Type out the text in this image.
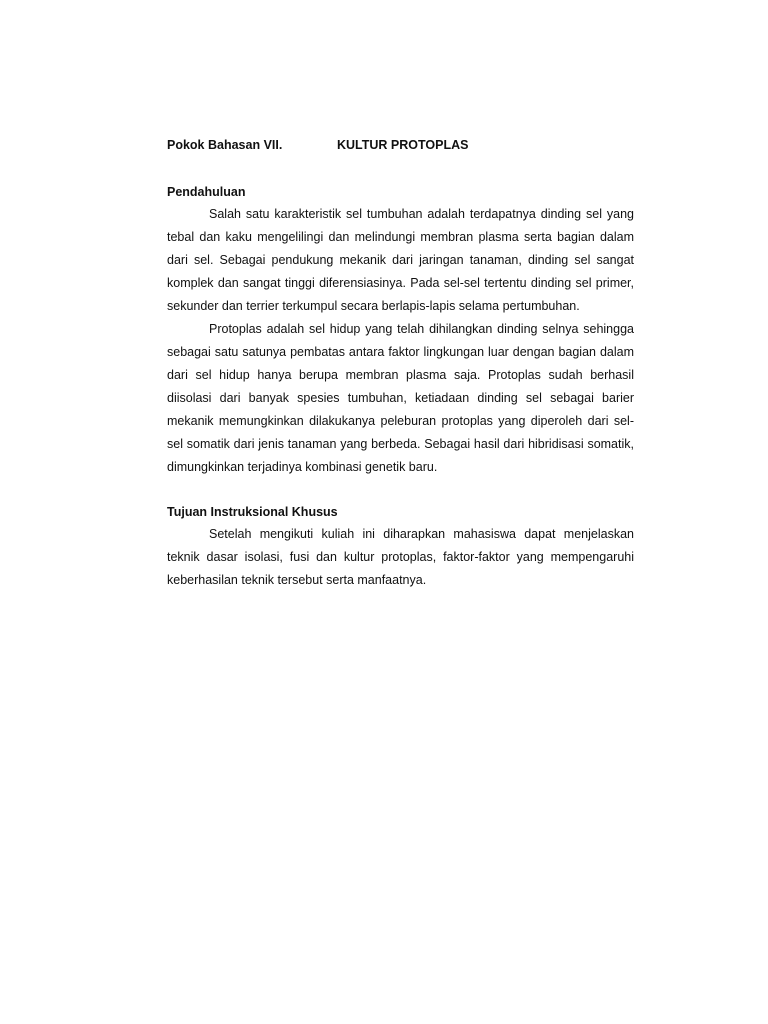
Pokok Bahasan VII.	KULTUR PROTOPLAS
Pendahuluan

Salah satu karakteristik sel tumbuhan adalah terdapatnya dinding sel yang tebal dan kaku mengelilingi dan melindungi membran plasma serta bagian dalam dari sel. Sebagai pendukung mekanik dari jaringan tanaman, dinding sel sangat komplek dan sangat tinggi diferensiasinya. Pada sel-sel tertentu dinding sel primer, sekunder dan terrier terkumpul secara berlapis-lapis selama pertumbuhan.

Protoplas adalah sel hidup yang telah dihilangkan dinding selnya sehingga sebagai satu satunya pembatas antara faktor lingkungan luar dengan bagian dalam dari sel hidup hanya berupa membran plasma saja. Protoplas sudah berhasil diisolasi dari banyak spesies tumbuhan, ketiadaan dinding sel sebagai barier mekanik memungkinkan dilakukanya peleburan protoplas yang diperoleh dari sel-sel somatik dari jenis tanaman yang berbeda. Sebagai hasil dari hibridisasi somatik, dimungkinkan terjadinya kombinasi genetik baru.

Tujuan Instruksional Khusus

Setelah mengikuti kuliah ini diharapkan mahasiswa dapat menjelaskan teknik dasar isolasi, fusi dan kultur protoplas, faktor-faktor yang mempengaruhi keberhasilan teknik tersebut serta manfaatnya.
